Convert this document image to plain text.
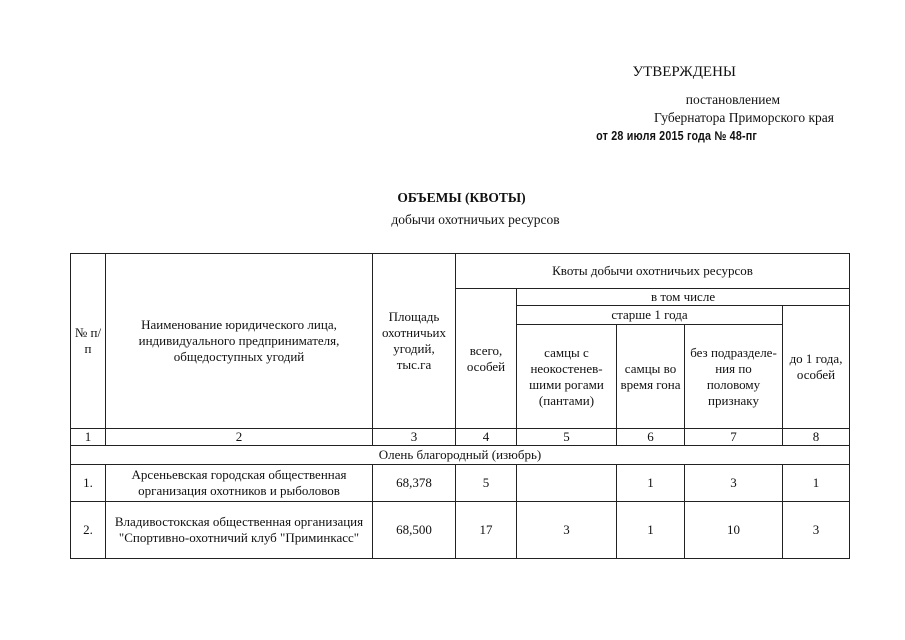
УТВЕРЖДЕНЫ
постановлением
Губернатора Приморского края
от 28 июля 2015 года № 48-пг
ОБЪЕМЫ (КВОТЫ)
добычи охотничьих ресурсов
№ п/п	Наименование юридического лица, индивидуального предпринимателя, общедоступных угодий	Площадь охотничьих угодий, тыс.га	Квоты добычи охотничьих ресурсов				
			всего, особей	в том числе			
				старше 1 года			до 1 года, особей
				самцы с неокостенев-шими рогами (пантами)	самцы во время гона	без подразделе-ния по половому признаку	
1	2	3	4	5	6	7	8
Олень благородный (изюбрь)							
1.	Арсеньевская городская общественная организация охотников и рыболовов	68,378	5		1	3	1
2.	Владивостокская общественная организация "Спортивно-охотничий клуб "Приминкасс"	68,500	17	3	1	10	3
